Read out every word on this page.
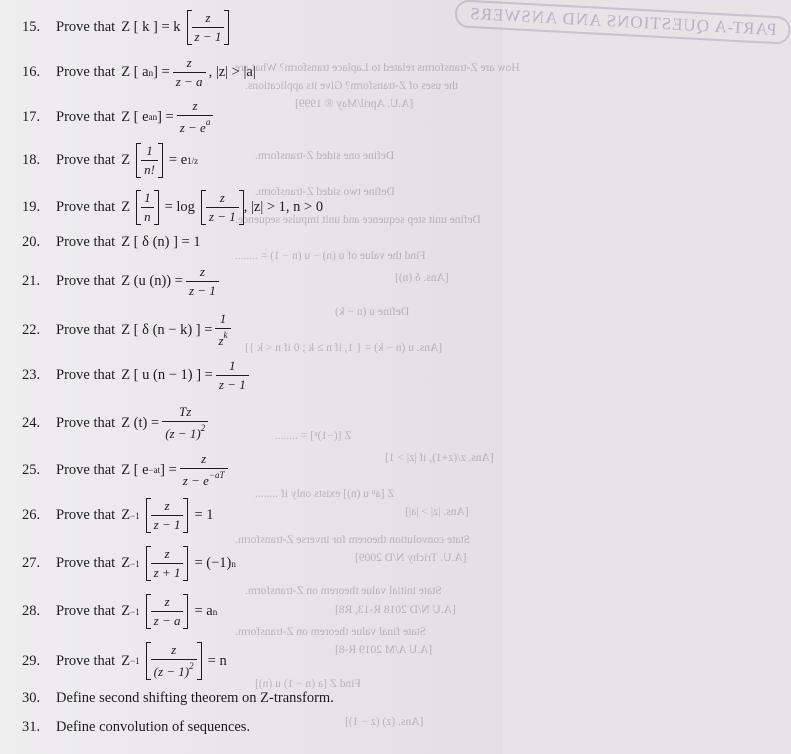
PART-A QUESTIONS AND ANSWERS
How are Z-transforms related to Laplace transform? What are
the uses of Z-transform? Give its applications.
[A.U. April/May ® 1999]
Define one sided Z-transform.
Define two sided Z-transform.
Define unit step sequence and unit impulse sequence.
Find the value of u (n) − u (n − 1) = ........
[Ans. δ (n)]
Define u (n − k)
[Ans. u (n − k) = { 1, if n ≥ k ; 0 if n < k }]
Z [(−1)ⁿ] = ........
[Ans. z/(z+1), if |z| > 1]
Z [aⁿ u (n)] exists only if ........
[Ans. |z| > |a|]
State convolution theorem for inverse Z-transform.
[A.U. Trichy N/D 2009]
State initial value theorem on Z-transform.
[A.U N/D 2018 R-13, R8]
State final value theorem on Z-transform.
[A.U A/M 2019 R-8]
Find Z [a (n − 1) u (n)]
[Ans. (z) (z − 1)]
15.	Prove that Z [ k ] = k $\frac{z}{z - 1}$
16.	Prove that Z [ a n ] = $\frac{z}{z - a}$ , |z| > |a|
17.	Prove that Z [ e an ] = $\frac{z}{z - e^a}$
18.	Prove that Z $\frac{1}{n!} = e$ 1/z
19.	Prove that Z $\frac{1}{n} = \log \frac{z}{z - 1}$ , |z| > 1, n > 0
20.	Prove that Z [ δ (n) ] = 1
21.	Prove that Z (u $(n)) = \frac{z}{z - 1}$
22.	Prove that Z [ δ (n − k) ] = $\frac{1}{z^k}$
23.	Prove that Z [ u (n − 1) ] = $\frac{1}{z - 1}$
24.	Prove that Z $(t) = \frac{Tz}{(z - 1)^2}$
25.	Prove that Z [ e −at ] = $\frac{z}{z - e^{-aT}}$
26.	Prove that $Z -1 \frac{z}{z - 1} = 1$
27.	Prove that $Z -1 \frac{z}{z + 1} = (-1)$ n
28.	Prove that $Z -1 \frac{z}{z - a} = a$ n
29.	Prove that $Z -1 \frac{z}{(z - 1)^2} = n$
30.	Define second shifting theorem on Z-transform.
31.	Define convolution of sequences.
